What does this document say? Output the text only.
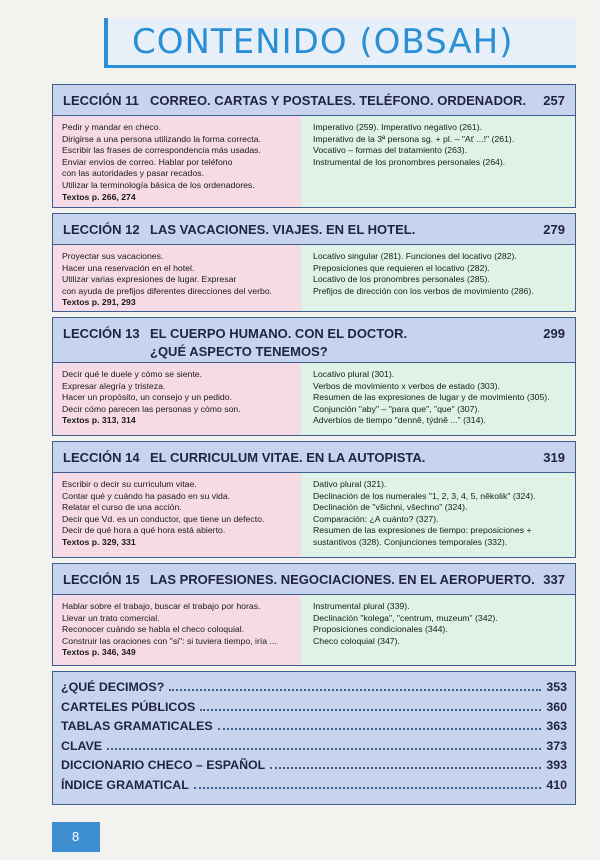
CONTENIDO (OBSAH)
LECCIÓN 11 CORREO. CARTAS Y POSTALES. TELÉFONO. ORDENADOR. 257
Pedir y mandar en checo.
Dirigirse a una persona utilizando la forma correcta.
Escribir las frases de correspondencia más usadas.
Enviar envíos de correo. Hablar por teléfono
con las autoridades y pasar recados.
Utilizar la terminología básica de los ordenadores.
Textos p. 266, 274
Imperativo (259). Imperativo negativo (261).
Imperativo de la 3ª persona sg. + pl. – "Ať ...!" (261).
Vocativo – formas del tratamiento (263).
Instrumental de los pronombres personales (264).
LECCIÓN 12 LAS VACACIONES. VIAJES. EN EL HOTEL.	279
Proyectar sus vacaciones.
Hacer una reservación en el hotel.
Utilizar varias expresiones de lugar. Expresar
con ayuda de prefijos diferentes direcciones del verbo.
Textos p. 291, 293
Locativo singular (281). Funciones del locativo (282).
Preposiciones que requieren el locativo (282).
Locativo de los pronombres personales (285).
Prefijos de dirección con los verbos de movimiento (286).
LECCIÓN 13 EL CUERPO HUMANO. CON EL DOCTOR.
¿QUÉ ASPECTO TENEMOS?
299
Decir qué le duele y cómo se siente.
Expresar alegría y tristeza.
Hacer un propósito, un consejo y un pedido.
Decir cómo parecen las personas y cómo son.
Textos p. 313, 314
Locativo plural (301).
Verbos de movimiento x verbos de estado (303).
Resumen de las expresiones de lugar y de movimiento (305).
Conjunción "aby" – "para que", "que" (307).
Adverbios de tiempo "denně, týdně ..." (314).
LECCIÓN 14 EL CURRICULUM VITAE. EN LA AUTOPISTA.	319
Escribir o decir su curriculum vitae.
Contar qué y cuándo ha pasado en su vida.
Relatar el curso de una acción.
Decir que Vd. es un conductor, que tiene un defecto.
Decir de qué hora a qué hora está abierto.
Textos p. 329, 331
Dativo plural (321).
Declinación de los numerales "1, 2, 3, 4, 5, několik" (324).
Declinación de "všichni, všechno" (324).
Comparación: ¿A cuánto? (327).
Resumen de las expresiones de tiempo: preposiciones +
sustantivos (328). Conjunciones temporales (332).
LECCIÓN 15 LAS PROFESIONES. NEGOCIACIONES. EN EL AEROPUERTO. 337
Hablar sobre el trabajo, buscar el trabajo por horas.
Llevar un trato comercial.
Reconocer cuándo se habla el checo coloquial.
Construir las oraciones con "si": si tuviera tiempo, iría ...
Textos p. 346, 349
Instrumental plural (339).
Declinación "kolega", "centrum, muzeum" (342).
Proposiciones condicionales (344).
Checo coloquial (347).
¿QUÉ DECIMOS?	353
CARTELES PÚBLICOS	360
TABLAS GRAMATICALES	363
CLAVE	373
DICCIONARIO CHECO – ESPAÑOL	393
ÍNDICE GRAMATICAL	410
8
